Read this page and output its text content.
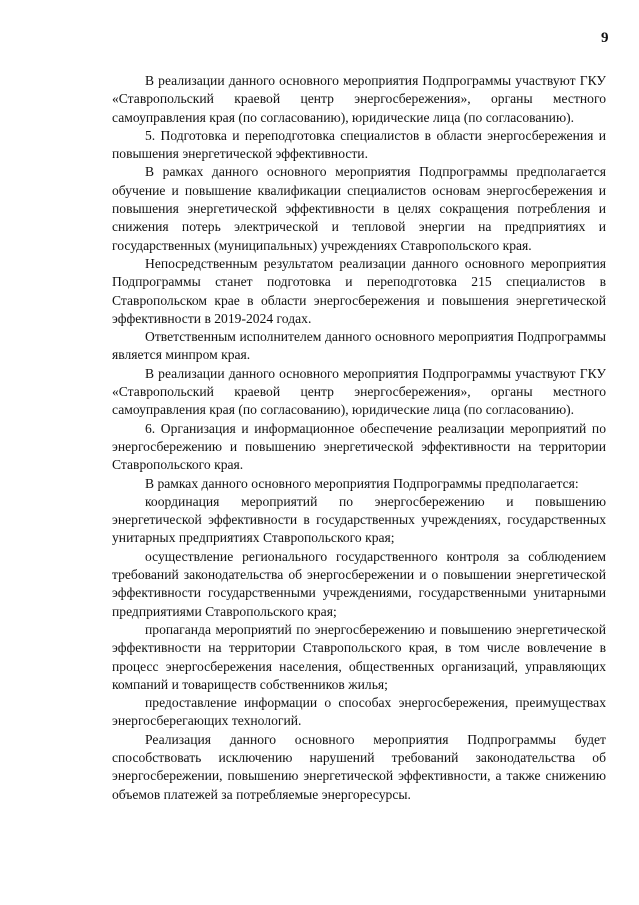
9

В реализации данного основного мероприятия Подпрограммы участвуют ГКУ «Ставропольский краевой центр энергосбережения», органы местного самоуправления края (по согласованию), юридические лица (по согласованию).

5. Подготовка и переподготовка специалистов в области энергосбережения и повышения энергетической эффективности.

В рамках данного основного мероприятия Подпрограммы предполагается обучение и повышение квалификации специалистов основам энергосбережения и повышения энергетической эффективности в целях сокращения потребления и снижения потерь электрической и тепловой энергии на предприятиях и государственных (муниципальных) учреждениях Ставропольского края.

Непосредственным результатом реализации данного основного мероприятия Подпрограммы станет подготовка и переподготовка 215 специалистов в Ставропольском крае в области энергосбережения и повышения энергетической эффективности в 2019-2024 годах.

Ответственным исполнителем данного основного мероприятия Подпрограммы является минпром края.

В реализации данного основного мероприятия Подпрограммы участвуют ГКУ «Ставропольский краевой центр энергосбережения», органы местного самоуправления края (по согласованию), юридические лица (по согласованию).

6. Организация и информационное обеспечение реализации мероприятий по энергосбережению и повышению энергетической эффективности на территории Ставропольского края.

В рамках данного основного мероприятия Подпрограммы предполагается:

координация мероприятий по энергосбережению и повышению энергетической эффективности в государственных учреждениях, государственных унитарных предприятиях Ставропольского края;

осуществление регионального государственного контроля за соблюдением требований законодательства об энергосбережении и о повышении энергетической эффективности государственными учреждениями, государственными унитарными предприятиями Ставропольского края;

пропаганда мероприятий по энергосбережению и повышению энергетической эффективности на территории Ставропольского края, в том числе вовлечение в процесс энергосбережения населения, общественных организаций, управляющих компаний и товариществ собственников жилья;

предоставление информации о способах энергосбережения, преимуществах энергосберегающих технологий.

Реализация данного основного мероприятия Подпрограммы будет способствовать исключению нарушений требований законодательства об энергосбережении, повышению энергетической эффективности, а также снижению объемов платежей за потребляемые энергоресурсы.
